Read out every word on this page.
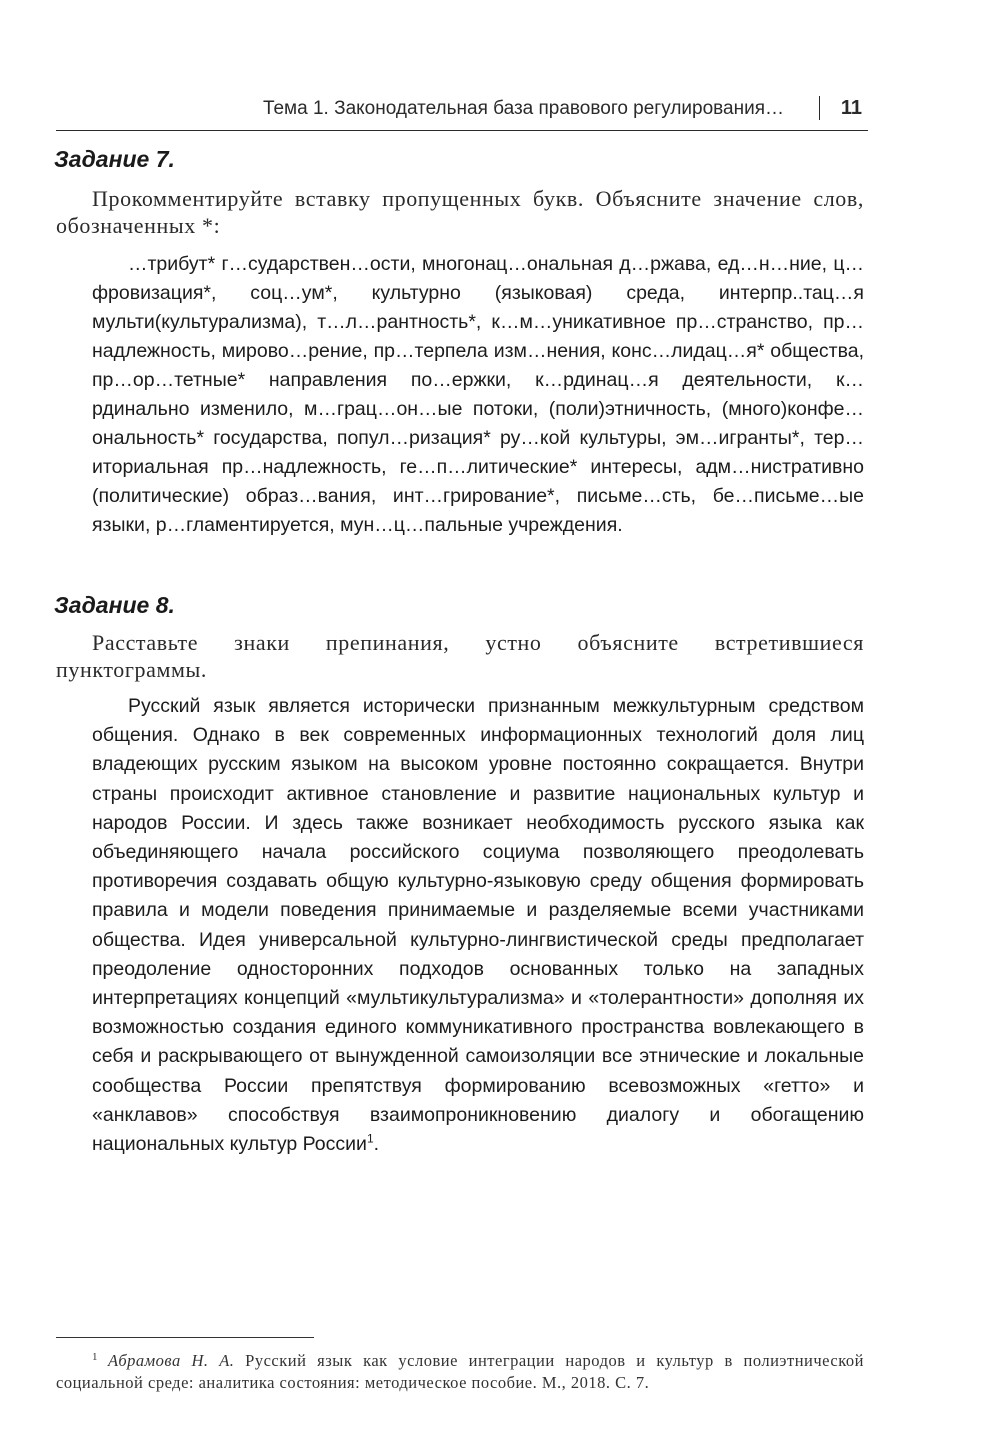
Тема 1. Законодательная база правового регулирования…	11
Задание 7.

Прокомментируйте вставку пропущенных букв. Объясните значение слов, обозначенных *:

…трибут* г…сударствен…ости, многонац…ональная д…ржава, ед…н…ние, ц…фровизация*, соц…ум*, культурно (языковая) среда, интерпр..тац…я мульти(культурализма), т…л…рантность*, к…м…уникативное пр…странство, пр…надлежность, мирово…рение, пр…терпела изм…нения, конс…лидац…я* общества, пр…ор…тетные* направления по…ержки, к…рдинац…я деятельности, к…рдинально изменило, м…грац…он…ые потоки, (поли)этничность, (много)конфе…ональность* государства, попул…ризация* ру…кой культуры, эм…игранты*, тер…иториальная пр…надлежность, ге…п…литические* интересы, адм…нистративно (политические) образ…вания, инт…грирование*, письме…сть, бе…письме…ые языки, р…гламентируется, мун…ц…пальные учреждения.

Задание 8.

Расставьте знаки препинания, устно объясните встретившиеся пунктограммы.

Русский язык является исторически признанным межкультурным средством общения. Однако в век современных информационных технологий доля лиц владеющих русским языком на высоком уровне постоянно сокращается. Внутри страны происходит активное становление и развитие национальных культур и народов России. И здесь также возникает необходимость русского языка как объединяющего начала российского социума позволяющего преодолевать противоречия создавать общую культурно-языковую среду общения формировать правила и модели поведения принимаемые и разделяемые всеми участниками общества. Идея универсальной культурно-лингвистической среды предполагает преодоление односторонних подходов основанных только на западных интерпретациях концепций «мультикультурализма» и «толерантности» дополняя их возможностью создания единого коммуникативного пространства вовлекающего в себя и раскрывающего от вынужденной самоизоляции все этнические и локальные сообщества России препятствуя формированию всевозможных «гетто» и «анклавов» способствуя взаимопроникновению диалогу и обогащению национальных культур России$^1$.

$^1$ Абрамова Н. А. Русский язык как условие интеграции народов и культур в полиэтнической социальной среде: аналитика состояния: методическое пособие. М., 2018. С. 7.
